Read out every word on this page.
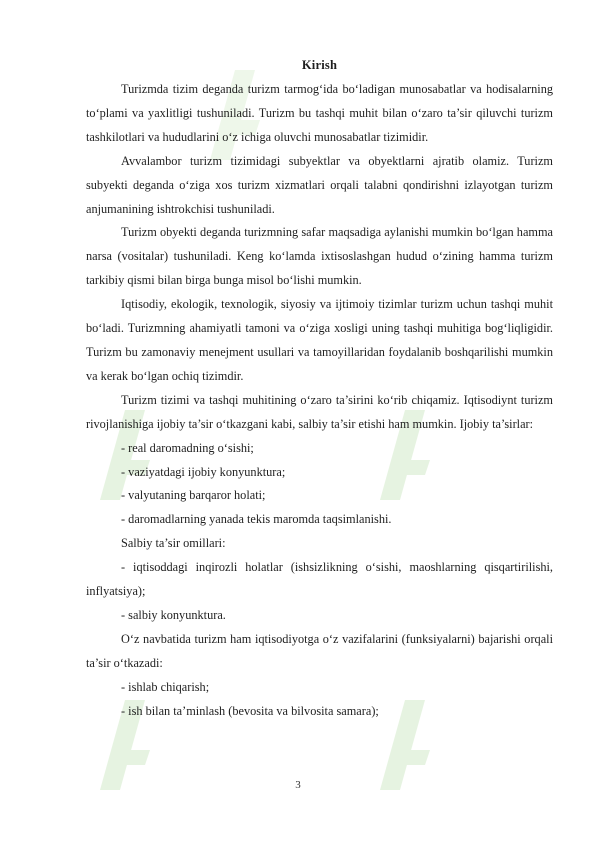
Kirish

Turizmda tizim deganda turizm tarmog‘ida bo‘ladigan munosabatlar va hodisalarning to‘plami va yaxlitligi tushuniladi. Turizm bu tashqi muhit bilan o‘zaro ta’sir qiluvchi turizm tashkilotlari va hududlarini o‘z ichiga oluvchi munosabatlar tizimidir.

Avvalambor turizm tizimidagi subyektlar va obyektlarni ajratib olamiz. Turizm subyekti deganda o‘ziga xos turizm xizmatlari orqali talabni qondirishni izlayotgan turizm anjumanining ishtrokchisi tushuniladi.

Turizm obyekti deganda turizmning safar maqsadiga aylanishi mumkin bo‘lgan hamma narsa (vositalar) tushuniladi. Keng ko‘lamda ixtisoslashgan hudud o‘zining hamma turizm tarkibiy qismi bilan birga bunga misol bo‘lishi mumkin.

Iqtisodiy, ekologik, texnologik, siyosiy va ijtimoiy tizimlar turizm uchun tashqi muhit bo‘ladi. Turizmning ahamiyatli tamoni va o‘ziga xosligi uning tashqi muhitiga bog‘liqligidir. Turizm bu zamonaviy menejment usullari va tamoyillaridan foydalanib boshqarilishi mumkin va kerak bo‘lgan ochiq tizimdir.

Turizm tizimi va tashqi muhitining o‘zaro ta’sirini ko‘rib chiqamiz. Iqtisodiynt turizm rivojlanishiga ijobiy ta’sir o‘tkazgani kabi, salbiy ta’sir etishi ham mumkin. Ijobiy ta’sirlar:

- real daromadning o‘sishi;

- vaziyatdagi ijobiy konyunktura;

- valyutaning barqaror holati;

- daromadlarning yanada tekis maromda taqsimlanishi.

Salbiy ta’sir omillari:

- iqtisoddagi inqirozli holatlar (ishsizlikning o‘sishi, maoshlarning qisqartirilishi, inflyatsiya);

- salbiy konyunktura.

O‘z navbatida turizm ham iqtisodiyotga o‘z vazifalarini (funksiyalarni) bajarishi orqali ta’sir o‘tkazadi:

- ishlab chiqarish;

- ish bilan ta’minlash (bevosita va bilvosita samara);

3
